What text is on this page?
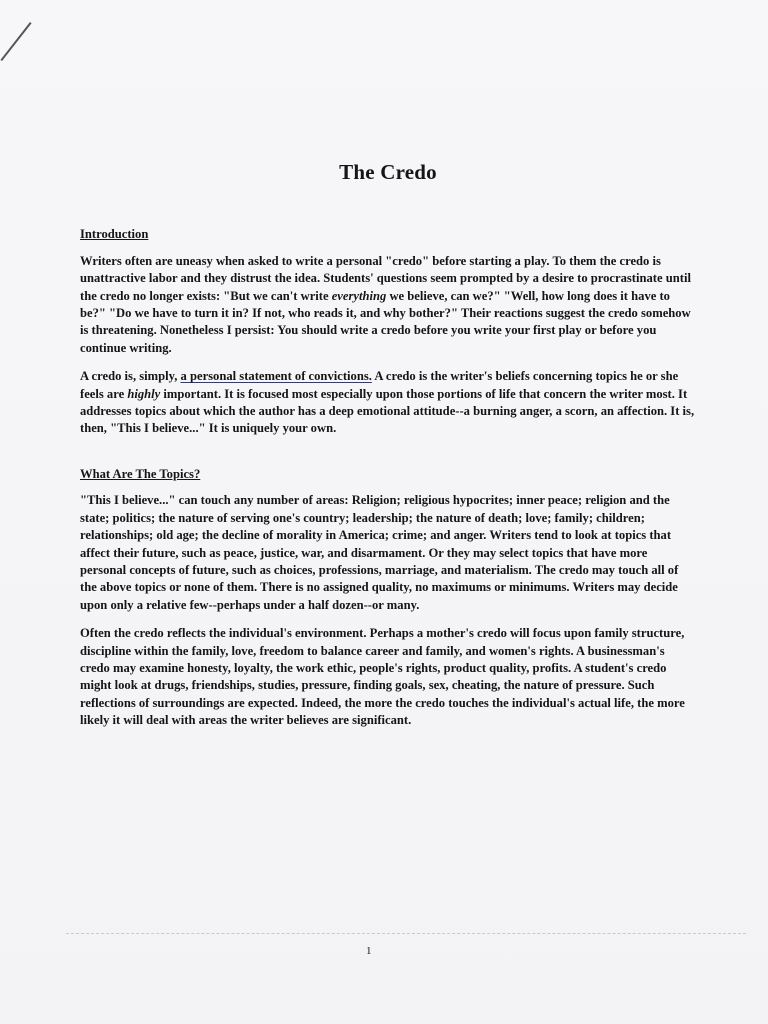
The Credo
Introduction

Writers often are uneasy when asked to write a personal "credo" before starting a play. To them the credo is unattractive labor and they distrust the idea. Students' questions seem prompted by a desire to procrastinate until the credo no longer exists: "But we can't write everything we believe, can we?" "Well, how long does it have to be?" "Do we have to turn it in? If not, who reads it, and why bother?" Their reactions suggest the credo somehow is threatening. Nonetheless I persist: You should write a credo before you write your first play or before you continue writing.

A credo is, simply, a personal statement of convictions. A credo is the writer's beliefs concerning topics he or she feels are highly important. It is focused most especially upon those portions of life that concern the writer most. It addresses topics about which the author has a deep emotional attitude--a burning anger, a scorn, an affection. It is, then, "This I believe..." It is uniquely your own.

What Are The Topics?

"This I believe..." can touch any number of areas: Religion; religious hypocrites; inner peace; religion and the state; politics; the nature of serving one's country; leadership; the nature of death; love; family; children; relationships; old age; the decline of morality in America; crime; and anger. Writers tend to look at topics that affect their future, such as peace, justice, war, and disarmament. Or they may select topics that have more personal concepts of future, such as choices, professions, marriage, and materialism. The credo may touch all of the above topics or none of them. There is no assigned quality, no maximums or minimums. Writers may decide upon only a relative few--perhaps under a half dozen--or many.

Often the credo reflects the individual's environment. Perhaps a mother's credo will focus upon family structure, discipline within the family, love, freedom to balance career and family, and women's rights. A businessman's credo may examine honesty, loyalty, the work ethic, people's rights, product quality, profits. A student's credo might look at drugs, friendships, studies, pressure, finding goals, sex, cheating, the nature of pressure. Such reflections of surroundings are expected. Indeed, the more the credo touches the individual's actual life, the more likely it will deal with areas the writer believes are significant.

1
